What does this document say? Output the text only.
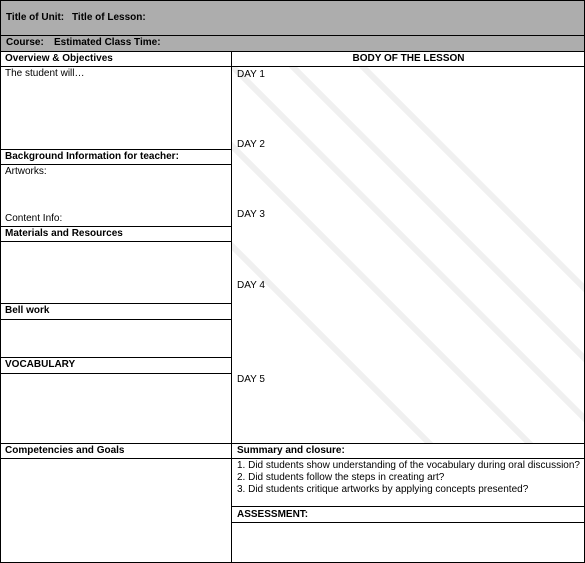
Title of Unit: Title of Lesson:
Course: Estimated Class Time:
Overview & Objectives
The student will…
Background Information for teacher:
Artworks:
Content Info:
Materials and Resources
Bell work
VOCABULARY
Competencies and Goals
BODY OF THE LESSON
DAY 1
DAY 2
DAY 3
DAY 4
DAY 5
Summary and closure:
1. Did students show understanding of the vocabulary during oral discussion?
2. Did students follow the steps in creating art?
3. Did students critique artworks by applying concepts presented?
ASSESSMENT:
